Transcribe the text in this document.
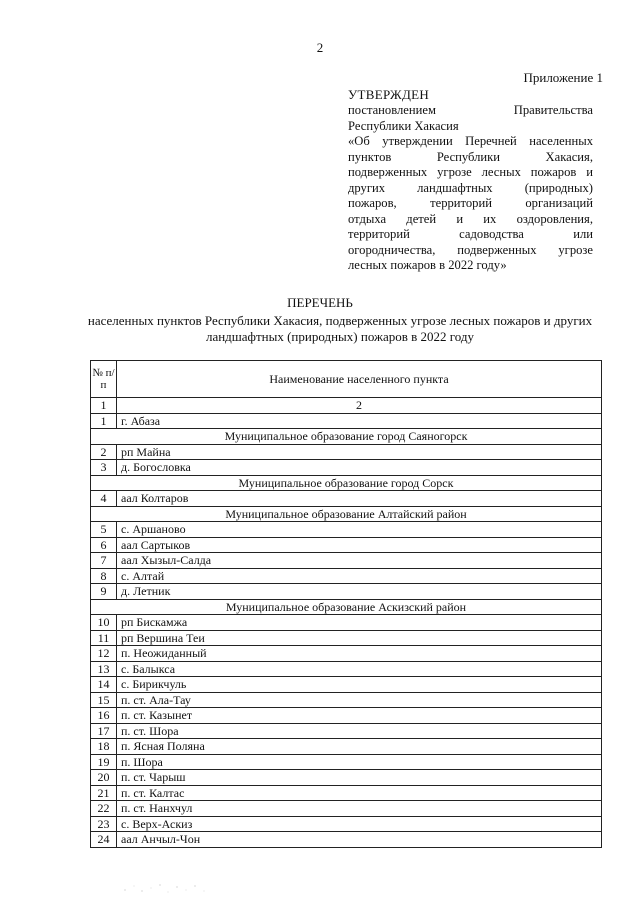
2
Приложение 1
УТВЕРЖДЕН
постановлением Правительства
Республики Хакасия
«Об утверждении Перечней населенных
пунктов Республики Хакасия,
подверженных угрозе лесных пожаров и
других ландшафтных (природных)
пожаров, территорий организаций
отдыха детей и их оздоровления,
территорий садоводства или
огородничества, подверженных угрозе
лесных пожаров в 2022 году»
ПЕРЕЧЕНЬ
населенных пунктов Республики Хакасия, подверженных угрозе лесных пожаров и других ландшафтных (природных) пожаров в 2022 году
№ п/п	Наименование населенного пункта
1	2
1	г. Абаза
Муниципальное образование город Саяногорск	
2	рп Майна
3	д. Богословка
Муниципальное образование город Сорск	
4	аал Колтаров
Муниципальное образование Алтайский район	
5	с. Аршаново
6	аал Сартыков
7	аал Хызыл-Салда
8	с. Алтай
9	д. Летник
Муниципальное образование Аскизский район	
10	рп Бискамжа
11	рп Вершина Теи
12	п. Неожиданный
13	с. Балыкса
14	с. Бирикчуль
15	п. ст. Ала-Тау
16	п. ст. Казынет
17	п. ст. Шора
18	п. Ясная Поляна
19	п. Шора
20	п. ст. Чарыш
21	п. ст. Калтас
22	п. ст. Нанхчул
23	с. Верх-Аскиз
24	аал Анчыл-Чон
